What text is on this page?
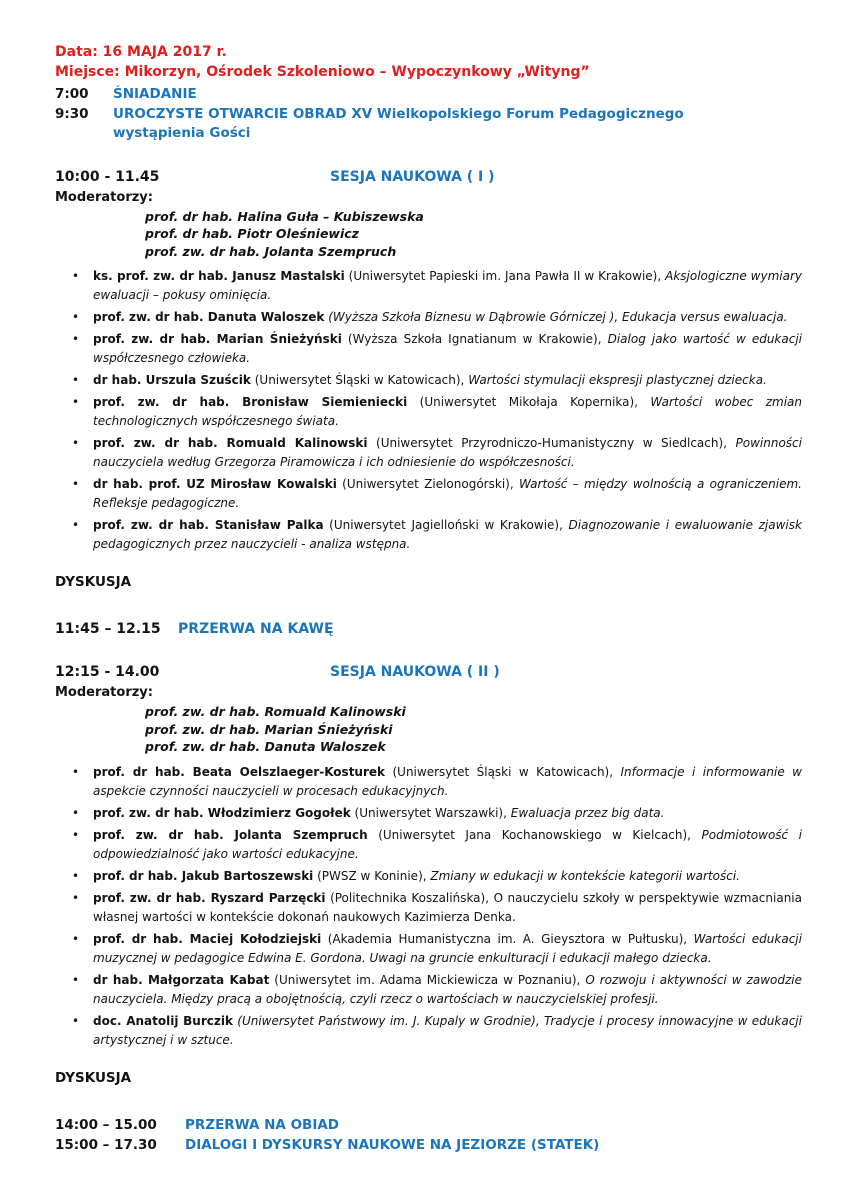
Data: 16 MAJA 2017 r.
Miejsce: Mikorzyn, Ośrodek Szkoleniowo – Wypoczynkowy „Wityng”
7:00	ŚNIADANIE
9:30	UROCZYSTE OTWARCIE OBRAD XV Wielkopolskiego Forum Pedagogicznego
wystąpienia Gości
10:00 - 11.45	SESJA NAUKOWA ( I )
Moderatorzy:
prof. dr hab. Halina Guła – Kubiszewska
prof. dr hab. Piotr Oleśniewicz
prof. zw. dr hab. Jolanta Szempruch
• ks. prof. zw. dr hab. Janusz Mastalski (Uniwersytet Papieski im. Jana Pawła II w Krakowie), Aksjologiczne wymiary ewaluacji – pokusy ominięcia.
• prof. zw. dr hab. Danuta Waloszek (Wyższa Szkoła Biznesu w Dąbrowie Górniczej ), Edukacja versus ewaluacja.
• prof. zw. dr hab. Marian Śnieżyński (Wyższa Szkoła Ignatianum w Krakowie), Dialog jako wartość w edukacji współczesnego człowieka.
• dr hab. Urszula Szuścik (Uniwersytet Śląski w Katowicach), Wartości stymulacji ekspresji plastycznej dziecka.
• prof. zw. dr hab. Bronisław Siemieniecki (Uniwersytet Mikołaja Kopernika), Wartości wobec zmian technologicznych współczesnego świata.
• prof. zw. dr hab. Romuald Kalinowski (Uniwersytet Przyrodniczo-Humanistyczny w Siedlcach), Powinności nauczyciela według Grzegorza Piramowicza i ich odniesienie do współczesności.
• dr hab. prof. UZ Mirosław Kowalski (Uniwersytet Zielonogórski), Wartość – między wolnością a ograniczeniem. Refleksje pedagogiczne.
• prof. zw. dr hab. Stanisław Palka (Uniwersytet Jagielloński w Krakowie), Diagnozowanie i ewaluowanie zjawisk pedagogicznych przez nauczycieli - analiza wstępna.
DYSKUSJA
11:45 – 12.15	PRZERWA NA KAWĘ
12:15 - 14.00	SESJA NAUKOWA ( II )
Moderatorzy:
prof. zw. dr hab. Romuald Kalinowski
prof. zw. dr hab. Marian Śnieżyński
prof. zw. dr hab. Danuta Waloszek
• prof. dr hab. Beata Oelszlaeger-Kosturek (Uniwersytet Śląski w Katowicach), Informacje i informowanie w aspekcie czynności nauczycieli w procesach edukacyjnych.
• prof. zw. dr hab. Włodzimierz Gogołek (Uniwersytet Warszawki), Ewaluacja przez big data.
• prof. zw. dr hab. Jolanta Szempruch (Uniwersytet Jana Kochanowskiego w Kielcach), Podmiotowość i odpowiedzialność jako wartości edukacyjne.
• prof. dr hab. Jakub Bartoszewski (PWSZ w Koninie), Zmiany w edukacji w kontekście kategorii wartości.
• prof. zw. dr hab. Ryszard Parzęcki (Politechnika Koszalińska), O nauczycielu szkoły w perspektywie wzmacniania własnej wartości w kontekście dokonań naukowych Kazimierza Denka.
• prof. dr hab. Maciej Kołodziejski (Akademia Humanistyczna im. A. Gieysztora w Pułtusku), Wartości edukacji muzycznej w pedagogice Edwina E. Gordona. Uwagi na gruncie enkulturacji i edukacji małego dziecka.
• dr hab. Małgorzata Kabat (Uniwersytet im. Adama Mickiewicza w Poznaniu), O rozwoju i aktywności w zawodzie nauczyciela. Między pracą a obojętnością, czyli rzecz o wartościach w nauczycielskiej profesji.
• doc. Anatolij Burczik (Uniwersytet Państwowy im. J. Kupaly w Grodnie), Tradycje i procesy innowacyjne w edukacji artystycznej i w sztuce.
DYSKUSJA
14:00 – 15.00	PRZERWA NA OBIAD
15:00 – 17.30	DIALOGI I DYSKURSY NAUKOWE NA JEZIORZE (STATEK)
